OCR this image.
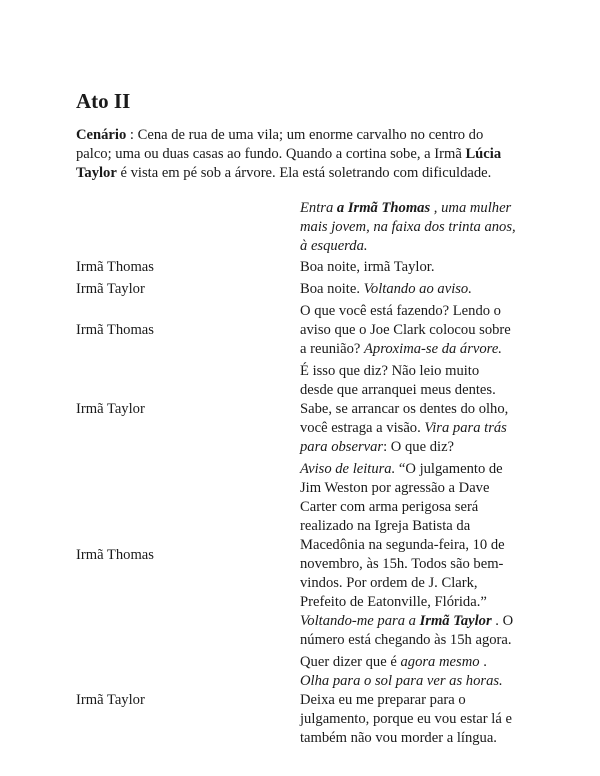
Ato II

Cenário : Cena de rua de uma vila; um enorme carvalho no centro do palco; uma ou duas casas ao fundo. Quando a cortina sobe, a Irmã Lúcia Taylor é vista em pé sob a árvore. Ela está soletrando com dificuldade.

Entra a Irmã Thomas , uma mulher mais jovem, na faixa dos trinta anos, à esquerda.
Irmã Thomas	Boa noite, irmã Taylor.
Irmã Taylor	Boa noite. Voltando ao aviso.
Irmã Thomas
O que você está fazendo? Lendo o aviso que o Joe Clark colocou sobre a reunião? Aproxima-se da árvore.
Irmã Taylor
É isso que diz? Não leio muito desde que arranquei meus dentes. Sabe, se arrancar os dentes do olho, você estraga a visão. Vira para trás para observar: O que diz?
Irmã Thomas
Aviso de leitura. “O julgamento de Jim Weston por agressão a Dave Carter com arma perigosa será realizado na Igreja Batista da Macedônia na segunda-feira, 10 de novembro, às 15h. Todos são bem-vindos. Por ordem de J. Clark, Prefeito de Eatonville, Flórida.” Voltando-me para a Irmã Taylor . O número está chegando às 15h agora.
Irmã Taylor
Quer dizer que é agora mesmo . Olha para o sol para ver as horas. Deixa eu me preparar para o julgamento, porque eu vou estar lá e também não vou morder a língua.
